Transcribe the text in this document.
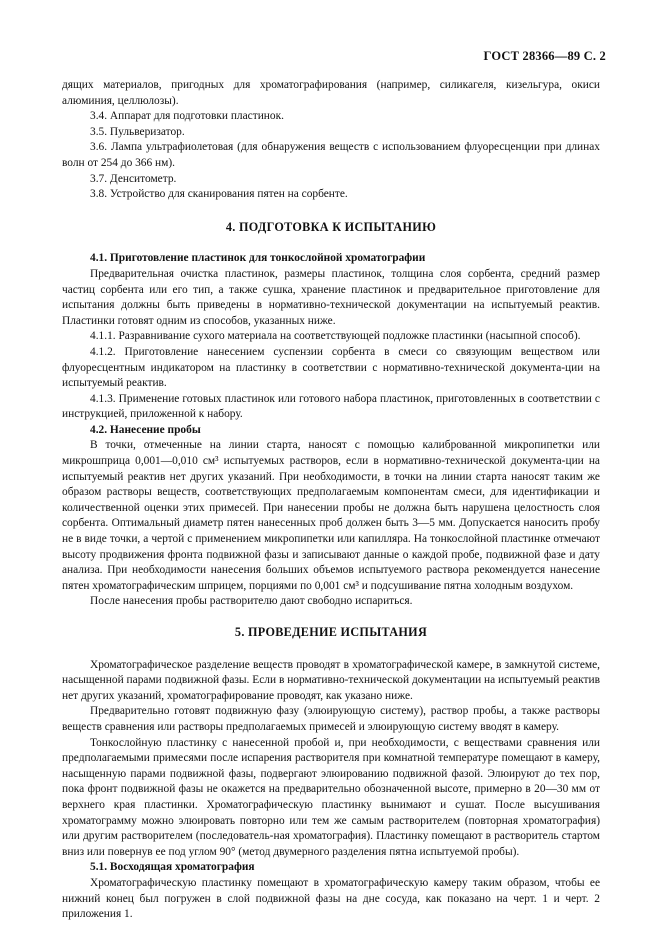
ГОСТ 28366—89 С. 2

дящих материалов, пригодных для хроматографирования (например, силикагеля, кизельгура, окиси алюминия, целлюлозы).

3.4. Аппарат для подготовки пластинок.

3.5. Пульверизатор.

3.6. Лампа ультрафиолетовая (для обнаружения веществ с использованием флуоресценции при длинах волн от 254 до 366 нм).

3.7. Денситометр.

3.8. Устройство для сканирования пятен на сорбенте.

4. ПОДГОТОВКА К ИСПЫТАНИЮ

4.1. Приготовление пластинок для тонкослойной хроматографии

Предварительная очистка пластинок, размеры пластинок, толщина слоя сорбента, средний размер частиц сорбента или его тип, а также сушка, хранение пластинок и предварительное приготовление для испытания должны быть приведены в нормативно-технической документации на испытуемый реактив. Пластинки готовят одним из способов, указанных ниже.

4.1.1. Разравнивание сухого материала на соответствующей подложке пластинки (насыпной способ).

4.1.2. Приготовление нанесением суспензии сорбента в смеси со связующим веществом или флуоресцентным индикатором на пластинку в соответствии с нормативно-технической документа-ции на испытуемый реактив.

4.1.3. Применение готовых пластинок или готового набора пластинок, приготовленных в соответствии с инструкцией, приложенной к набору.

4.2. Нанесение пробы

В точки, отмеченные на линии старта, наносят с помощью калиброванной микропипетки или микрошприца 0,001—0,010 см³ испытуемых растворов, если в нормативно-технической документа-ции на испытуемый реактив нет других указаний. При необходимости, в точки на линии старта наносят таким же образом растворы веществ, соответствующих предполагаемым компонентам смеси, для идентификации и количественной оценки этих примесей. При нанесении пробы не должна быть нарушена целостность слоя сорбента. Оптимальный диаметр пятен нанесенных проб должен быть 3—5 мм. Допускается наносить пробу не в виде точки, а чертой с применением микропипетки или капилляра. На тонкослойной пластинке отмечают высоту продвижения фронта подвижной фазы и записывают данные о каждой пробе, подвижной фазе и дату анализа. При необходимости нанесения больших объемов испытуемого раствора рекомендуется нанесение пятен хроматографическим шприцем, порциями по 0,001 см³ и подсушивание пятна холодным воздухом.

После нанесения пробы растворителю дают свободно испариться.

5. ПРОВЕДЕНИЕ ИСПЫТАНИЯ

Хроматографическое разделение веществ проводят в хроматографической камере, в замкнутой системе, насыщенной парами подвижной фазы. Если в нормативно-технической документации на испытуемый реактив нет других указаний, хроматографирование проводят, как указано ниже.

Предварительно готовят подвижную фазу (элюирующую систему), раствор пробы, а также растворы веществ сравнения или растворы предполагаемых примесей и элюирующую систему вводят в камеру.

Тонкослойную пластинку с нанесенной пробой и, при необходимости, с веществами сравнения или предполагаемыми примесями после испарения растворителя при комнатной температуре помещают в камеру, насыщенную парами подвижной фазы, подвергают элюированию подвижной фазой. Элюируют до тех пор, пока фронт подвижной фазы не окажется на предварительно обозначенной высоте, примерно в 20—30 мм от верхнего края пластинки. Хроматографическую пластинку вынимают и сушат. После высушивания хроматограмму можно элюировать повторно или тем же самым растворителем (повторная хроматография) или другим растворителем (последователь-ная хроматография). Пластинку помещают в растворитель стартом вниз или повернув ее под углом 90° (метод двумерного разделения пятна испытуемой пробы).

5.1. Восходящая хроматография

Хроматографическую пластинку помещают в хроматографическую камеру таким образом, чтобы ее нижний конец был погружен в слой подвижной фазы на дне сосуда, как показано на черт. 1 и черт. 2 приложения 1.
